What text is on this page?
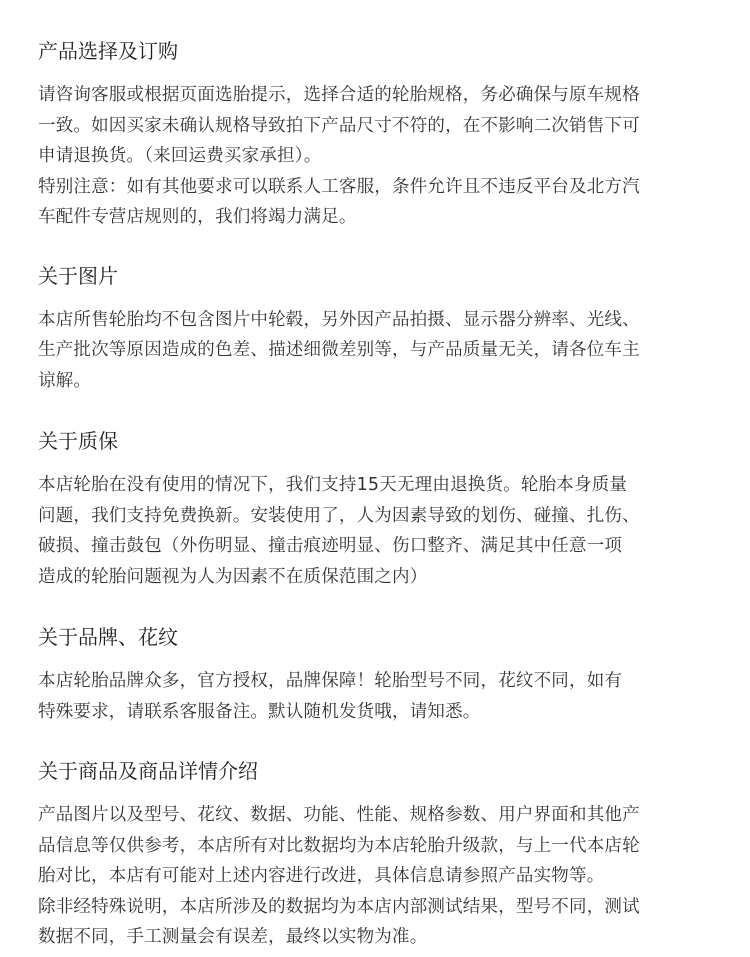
产品选择及订购

请咨询客服或根据页面选胎提示，选择合适的轮胎规格，务必确保与原车规格
一致。如因买家未确认规格导致拍下产品尺寸不符的，在不影响二次销售下可
申请退换货。（来回运费买家承担）。
特别注意：如有其他要求可以联系人工客服，条件允许且不违反平台及北方汽
车配件专营店规则的，我们将竭力满足。

关于图片

本店所售轮胎均不包含图片中轮毂，另外因产品拍摄、显示器分辨率、光线、
生产批次等原因造成的色差、描述细微差别等，与产品质量无关，请各位车主
谅解。

关于质保

本店轮胎在没有使用的情况下，我们支持15天无理由退换货。轮胎本身质量
问题，我们支持免费换新。安装使用了，人为因素导致的划伤、碰撞、扎伤、
破损、撞击鼓包（外伤明显、撞击痕迹明显、伤口整齐、满足其中任意一项
造成的轮胎问题视为人为因素不在质保范围之内）

关于品牌、花纹

本店轮胎品牌众多，官方授权，品牌保障！轮胎型号不同，花纹不同，如有
特殊要求，请联系客服备注。默认随机发货哦，请知悉。

关于商品及商品详情介绍

产品图片以及型号、花纹、数据、功能、性能、规格参数、用户界面和其他产
品信息等仅供参考，本店所有对比数据均为本店轮胎升级款，与上一代本店轮
胎对比，本店有可能对上述内容进行改进，具体信息请参照产品实物等。
除非经特殊说明，本店所涉及的数据均为本店内部测试结果，型号不同，测试
数据不同，手工测量会有误差，最终以实物为准。
